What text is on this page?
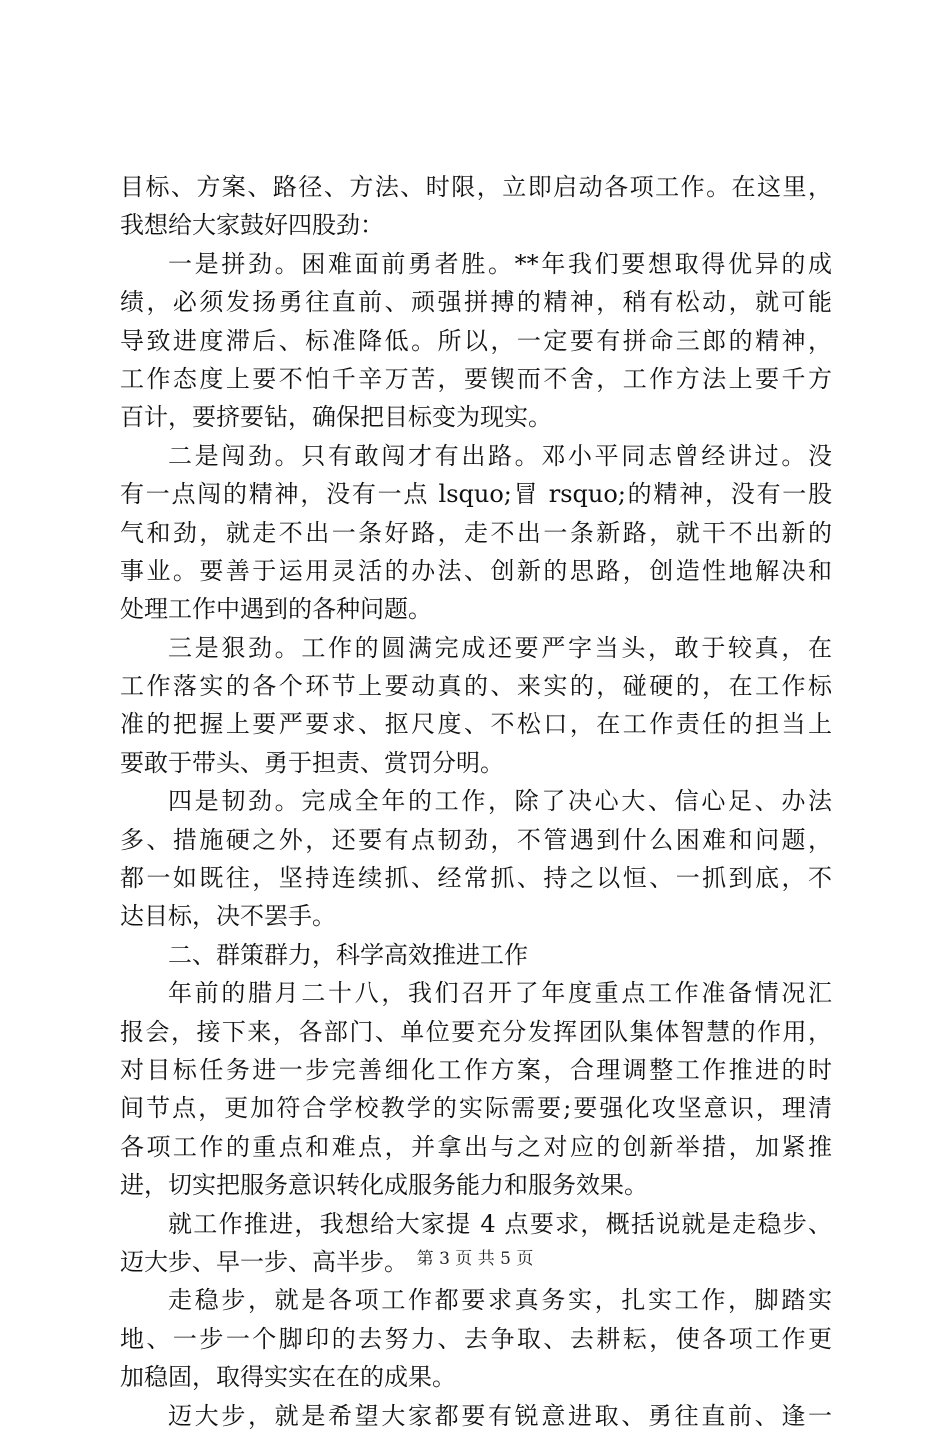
目标、方案、路径、方法、时限，立即启动各项工作。在这里，
我想给大家鼓好四股劲：
一是拼劲。困难面前勇者胜。**年我们要想取得优异的成
绩，必须发扬勇往直前、顽强拼搏的精神，稍有松动，就可能
导致进度滞后、标准降低。所以，一定要有拼命三郎的精神，
工作态度上要不怕千辛万苦，要锲而不舍，工作方法上要千方
百计，要挤要钻，确保把目标变为现实。
二是闯劲。只有敢闯才有出路。邓小平同志曾经讲过。没
有一点闯的精神，没有一点 lsquo;冒 rsquo;的精神，没有一股
气和劲，就走不出一条好路，走不出一条新路，就干不出新的
事业。要善于运用灵活的办法、创新的思路，创造性地解决和
处理工作中遇到的各种问题。
三是狠劲。工作的圆满完成还要严字当头，敢于较真，在
工作落实的各个环节上要动真的、来实的，碰硬的，在工作标
准的把握上要严要求、抠尺度、不松口，在工作责任的担当上
要敢于带头、勇于担责、赏罚分明。
四是韧劲。完成全年的工作，除了决心大、信心足、办法
多、措施硬之外，还要有点韧劲，不管遇到什么困难和问题，
都一如既往，坚持连续抓、经常抓、持之以恒、一抓到底，不
达目标，决不罢手。
二、群策群力，科学高效推进工作
年前的腊月二十八，我们召开了年度重点工作准备情况汇
报会，接下来，各部门、单位要充分发挥团队集体智慧的作用，
对目标任务进一步完善细化工作方案，合理调整工作推进的时
间节点，更加符合学校教学的实际需要;要强化攻坚意识，理清
各项工作的重点和难点，并拿出与之对应的创新举措，加紧推
进，切实把服务意识转化成服务能力和服务效果。
就工作推进，我想给大家提 4 点要求，概括说就是走稳步、
迈大步、早一步、高半步。
走稳步，就是各项工作都要求真务实，扎实工作，脚踏实
地、一步一个脚印的去努力、去争取、去耕耘，使各项工作更
加稳固，取得实实在在的成果。
迈大步，就是希望大家都要有锐意进取、勇往直前、逢一
第 3 页 共 5 页
